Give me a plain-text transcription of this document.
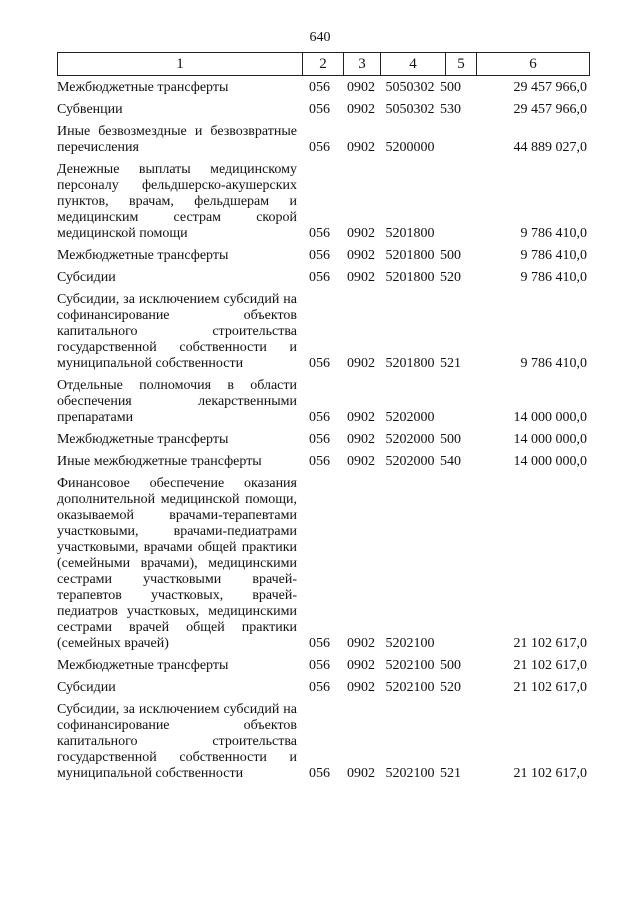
640
1	2	3	4	5	6
Межбюджетные трансферты	056	0902 5050302 500	29 457 966,0
Субвенции	056	0902 5050302 530	29 457 966,0
Иные безвозмездные и безвозвратные перечисления	056	0902 5200000	44 889 027,0
Денежные выплаты медицинскому персоналу фельдшерско-акушерских пунктов, врачам, фельдшерам и медицинским сестрам скорой медицинской помощи	056	0902 5201800	9 786 410,0
Межбюджетные трансферты	056	0902 5201800 500	9 786 410,0
Субсидии	056	0902 5201800 520	9 786 410,0
Субсидии, за исключением субсидий на софинансирование объектов капитального строительства государственной собственности и муниципальной собственности	056	0902 5201800 521	9 786 410,0
Отдельные полномочия в области обеспечения лекарственными препаратами	056	0902 5202000	14 000 000,0
Межбюджетные трансферты	056	0902 5202000 500	14 000 000,0
Иные межбюджетные трансферты	056	0902 5202000 540	14 000 000,0
Финансовое обеспечение оказания дополнительной медицинской помощи, оказываемой врачами-терапевтами участковыми, врачами-педиатрами участковыми, врачами общей практики (семейными врачами), медицинскими сестрами участковыми врачей-терапевтов участковых, врачей-педиатров участковых, медицинскими сестрами врачей общей практики (семейных врачей)	056	0902 5202100	21 102 617,0
Межбюджетные трансферты	056	0902 5202100 500	21 102 617,0
Субсидии	056	0902 5202100 520	21 102 617,0
Субсидии, за исключением субсидий на софинансирование объектов капитального строительства государственной собственности и муниципальной собственности	056	0902 5202100 521	21 102 617,0
